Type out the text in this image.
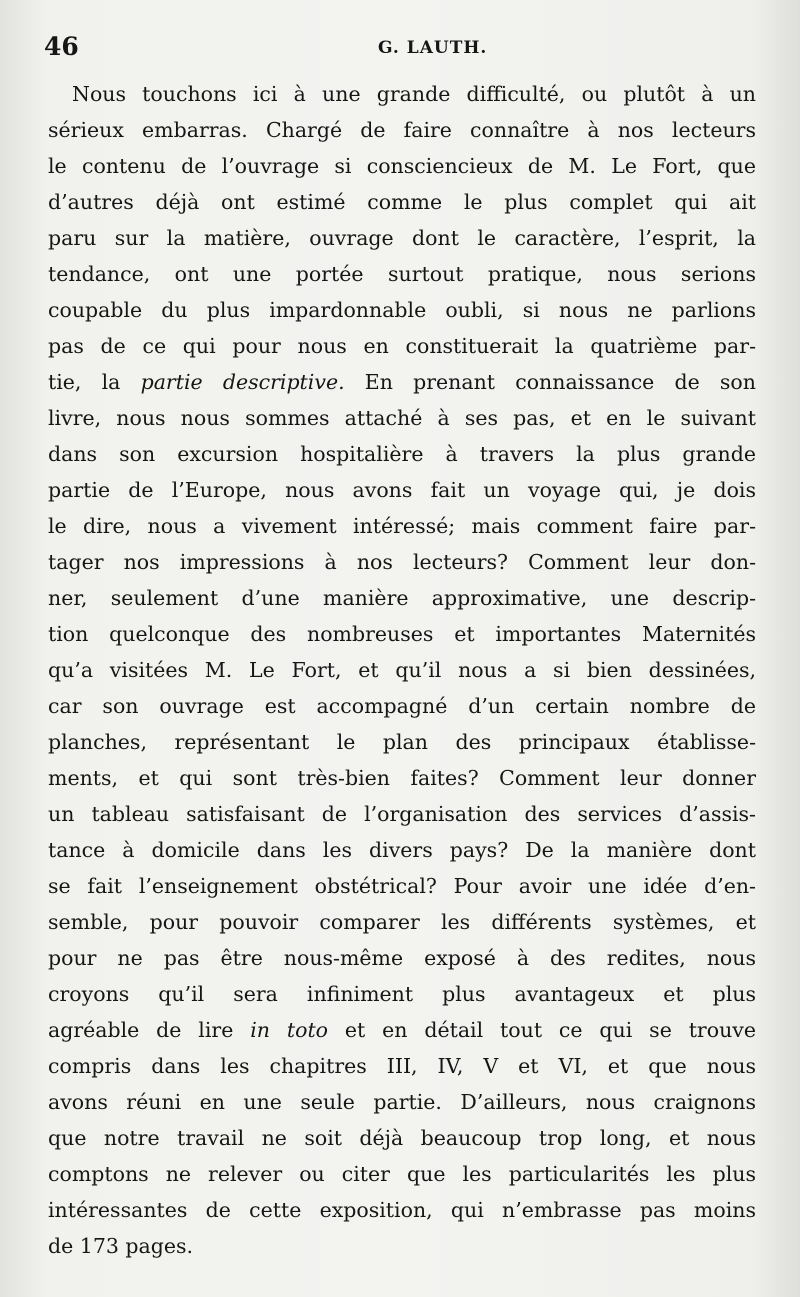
46	G. LAUTH.
Nous touchons ici à une grande difficulté, ou plutôt à un
sérieux embarras. Chargé de faire connaître à nos lecteurs
le contenu de l’ouvrage si consciencieux de M. Le Fort, que
d’autres déjà ont estimé comme le plus complet qui ait
paru sur la matière, ouvrage dont le caractère, l’esprit, la
tendance, ont une portée surtout pratique, nous serions
coupable du plus impardonnable oubli, si nous ne parlions
pas de ce qui pour nous en constituerait la quatrième par-
tie, la partie descriptive. En prenant connaissance de son
livre, nous nous sommes attaché à ses pas, et en le suivant
dans son excursion hospitalière à travers la plus grande
partie de l’Europe, nous avons fait un voyage qui, je dois
le dire, nous a vivement intéressé; mais comment faire par-
tager nos impressions à nos lecteurs? Comment leur don-
ner, seulement d’une manière approximative, une descrip-
tion quelconque des nombreuses et importantes Maternités
qu’a visitées M. Le Fort, et qu’il nous a si bien dessinées,
car son ouvrage est accompagné d’un certain nombre de
planches, représentant le plan des principaux établisse-
ments, et qui sont très-bien faites? Comment leur donner
un tableau satisfaisant de l’organisation des services d’assis-
tance à domicile dans les divers pays? De la manière dont
se fait l’enseignement obstétrical? Pour avoir une idée d’en-
semble, pour pouvoir comparer les différents systèmes, et
pour ne pas être nous-même exposé à des redites, nous
croyons qu’il sera infiniment plus avantageux et plus
agréable de lire in toto et en détail tout ce qui se trouve
compris dans les chapitres III, IV, V et VI, et que nous
avons réuni en une seule partie. D’ailleurs, nous craignons
que notre travail ne soit déjà beaucoup trop long, et nous
comptons ne relever ou citer que les particularités les plus
intéressantes de cette exposition, qui n’embrasse pas moins
de 173 pages.
